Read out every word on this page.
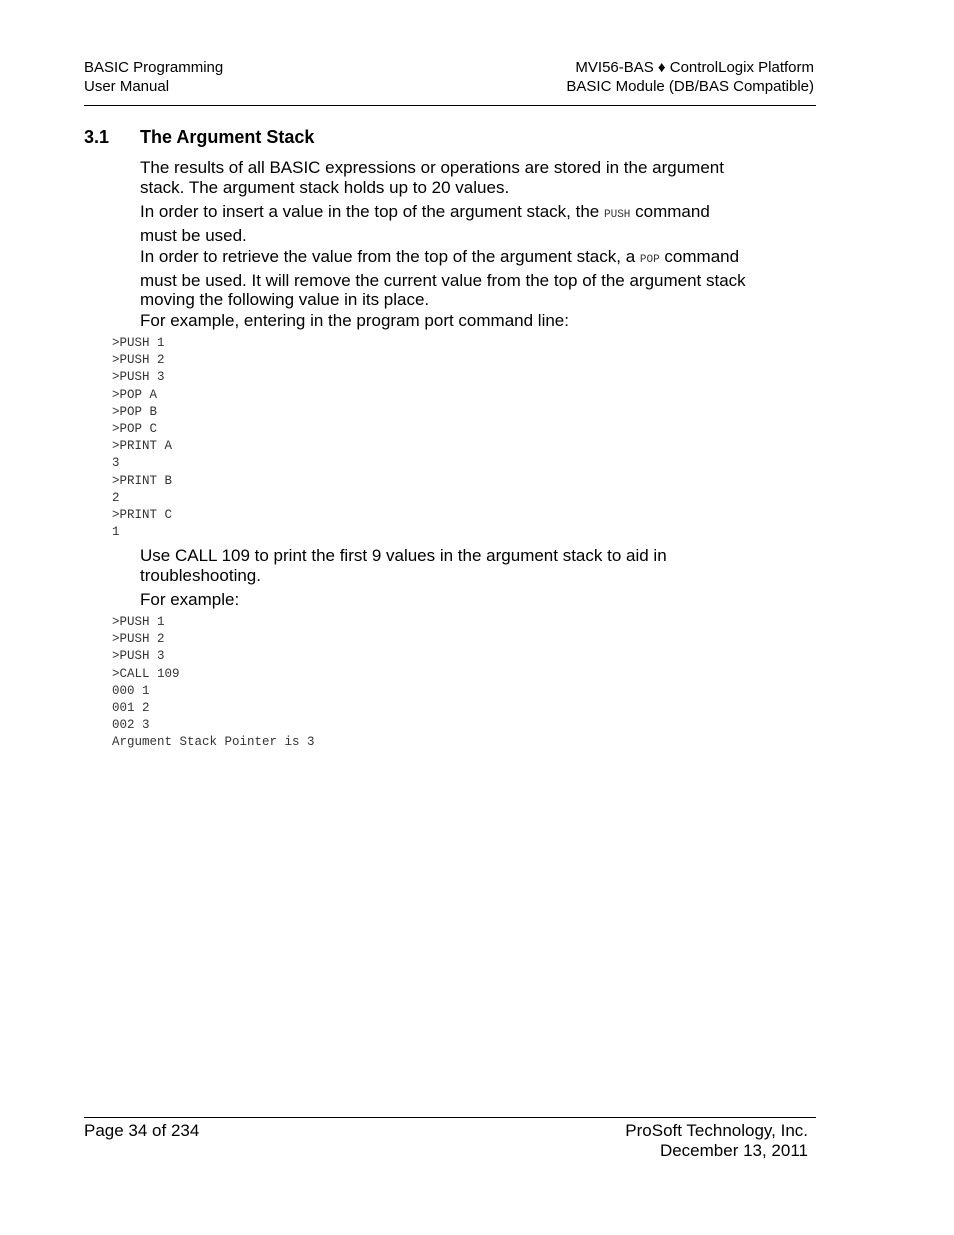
BASIC Programming
User Manual
MVI56-BAS ♦ ControlLogix Platform
BASIC Module (DB/BAS Compatible)
3.1 The Argument Stack
The results of all BASIC expressions or operations are stored in the argument
stack. The argument stack holds up to 20 values.
In order to insert a value in the top of the argument stack, the PUSH command
must be used.
In order to retrieve the value from the top of the argument stack, a POP command
must be used. It will remove the current value from the top of the argument stack
moving the following value in its place.
For example, entering in the program port command line:
>PUSH 1
>PUSH 2
>PUSH 3
>POP A
>POP B
>POP C
>PRINT A
3
>PRINT B
2
>PRINT C
1
Use CALL 109 to print the first 9 values in the argument stack to aid in
troubleshooting.
For example:
>PUSH 1
>PUSH 2
>PUSH 3
>CALL 109
000 1
001 2
002 3
Argument Stack Pointer is 3
Page 34 of 234	ProSoft Technology, Inc.
December 13, 2011
